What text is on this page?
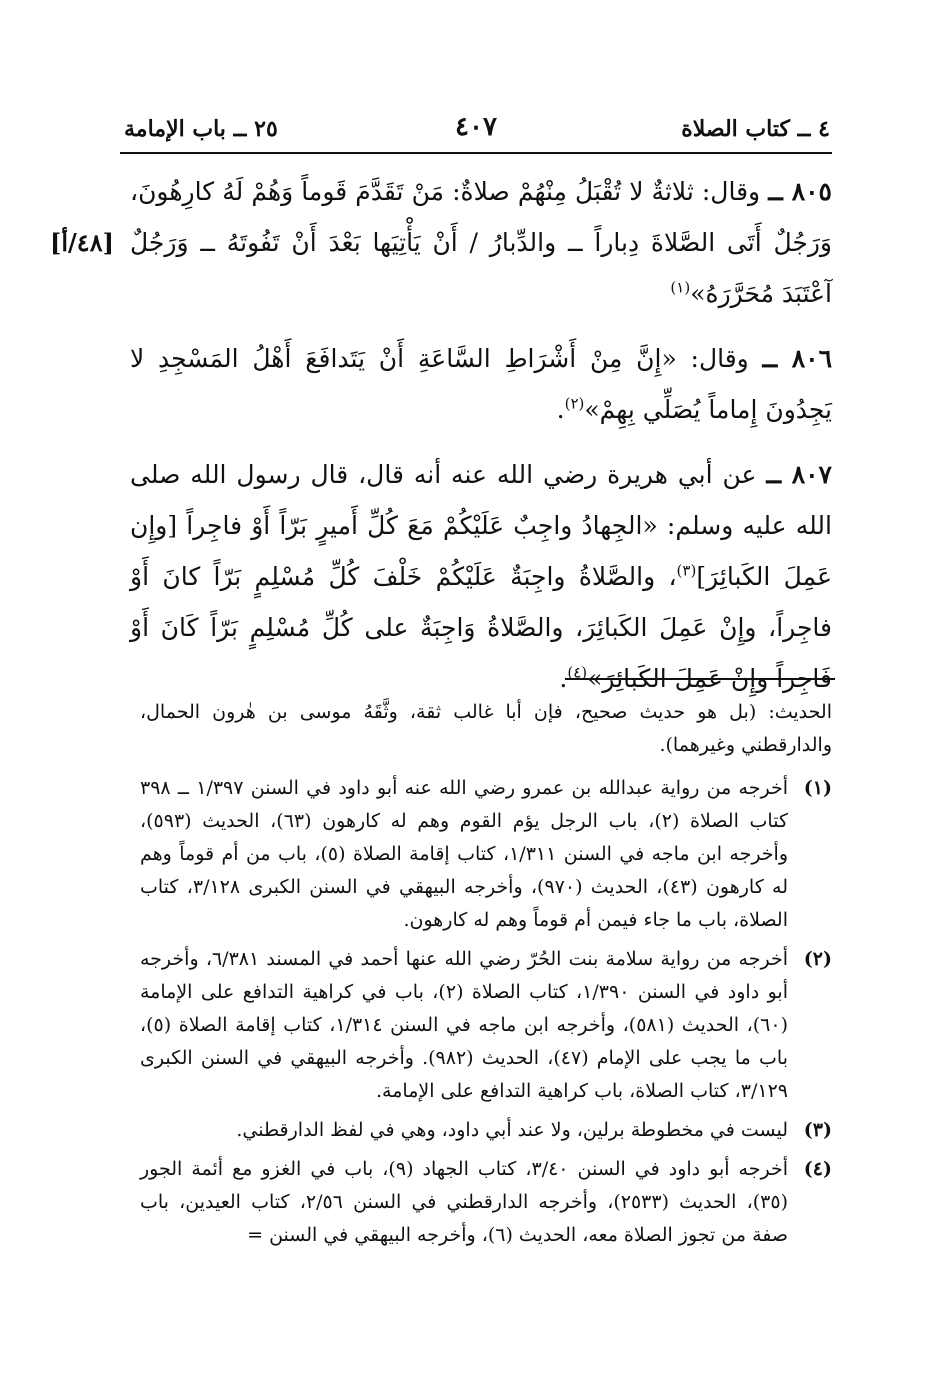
٤ ــ كتاب الصلاة
٤٠٧
٢٥ ــ باب الإمامة
[٤٨/أ]

٨٠٥ ــ وقال: ثلاثةٌ لا تُقْبَلُ مِنْهُمْ صلاةٌ: مَنْ تَقَدَّمَ قَوماً وَهُمْ لَهُ كارِهُونَ، وَرَجُلٌ أَتَى الصَّلاةَ دِباراً ــ والدِّبارُ / أَنْ يَأْتِيَها بَعْدَ أَنْ تَفُوتَهُ ــ وَرَجُلٌ آعْتَبَدَ مُحَرَّرَهُ»$^{(١)}$

٨٠٦ ــ وقال: «إِنَّ مِنْ أَشْرَاطِ السَّاعَةِ أَنْ يَتَدافَعَ أَهْلُ المَسْجِدِ لا يَجِدُونَ إِماماً يُصَلِّي بِهِمْ»$^{(٢)}$.

٨٠٧ ــ عن أبي هريرة رضي الله عنه أنه قال، قال رسول الله صلى الله عليه وسلم: «الجِهادُ واجِبٌ عَلَيْكُمْ مَعَ كُلِّ أَميرٍ بَرّاً أَوْ فاجِراً [وإِن عَمِلَ الكَبائِرَ]$^{(٣)}$، والصَّلاةُ واجِبَةٌ عَلَيْكُمْ خَلْفَ كُلِّ مُسْلِمٍ بَرّاً كانَ أَوْ فاجِراً، وإِنْ عَمِلَ الكَبائِرَ، والصَّلاةُ وَاجِبَةٌ على كُلِّ مُسْلِمٍ بَرّاً كَانَ أَوْ فَاجِراً وإِنْ عَمِلَ الكَبائِرَ»$^{(٤)}$.

الحديث: (بل هو حديث صحيح، فإن أبا غالب ثقة، وثَّقَهُ موسى بن هٰرون الحمال، والدارقطني وغيرهما).
(١)
أخرجه من رواية عبدالله بن عمرو رضي الله عنه أبو داود في السنن ١/٣٩٧ ــ ٣٩٨ كتاب الصلاة (٢)، باب الرجل يؤم القوم وهم له كارهون (٦٣)، الحديث (٥٩٣)، وأخرجه ابن ماجه في السنن ١/٣١١، كتاب إقامة الصلاة (٥)، باب من أم قوماً وهم له كارهون (٤٣)، الحديث (٩٧٠)، وأخرجه البيهقي في السنن الكبرى ٣/١٢٨، كتاب الصلاة، باب ما جاء فيمن أم قوماً وهم له كارهون.
(٢)
أخرجه من رواية سلامة بنت الحُرّ رضي الله عنها أحمد في المسند ٦/٣٨١، وأخرجه أبو داود في السنن ١/٣٩٠، كتاب الصلاة (٢)، باب في كراهية التدافع على الإمامة (٦٠)، الحديث (٥٨١)، وأخرجه ابن ماجه في السنن ١/٣١٤، كتاب إقامة الصلاة (٥)، باب ما يجب على الإمام (٤٧)، الحديث (٩٨٢). وأخرجه البيهقي في السنن الكبرى ٣/١٢٩، كتاب الصلاة، باب كراهية التدافع على الإمامة.
(٣)
ليست في مخطوطة برلين، ولا عند أبي داود، وهي في لفظ الدارقطني.
(٤)
أخرجه أبو داود في السنن ٣/٤٠، كتاب الجهاد (٩)، باب في الغزو مع أئمة الجور (٣٥)، الحديث (٢٥٣٣)، وأخرجه الدارقطني في السنن ٢/٥٦، كتاب العيدين، باب صفة من تجوز الصلاة معه، الحديث (٦)، وأخرجه البيهقي في السنن =
